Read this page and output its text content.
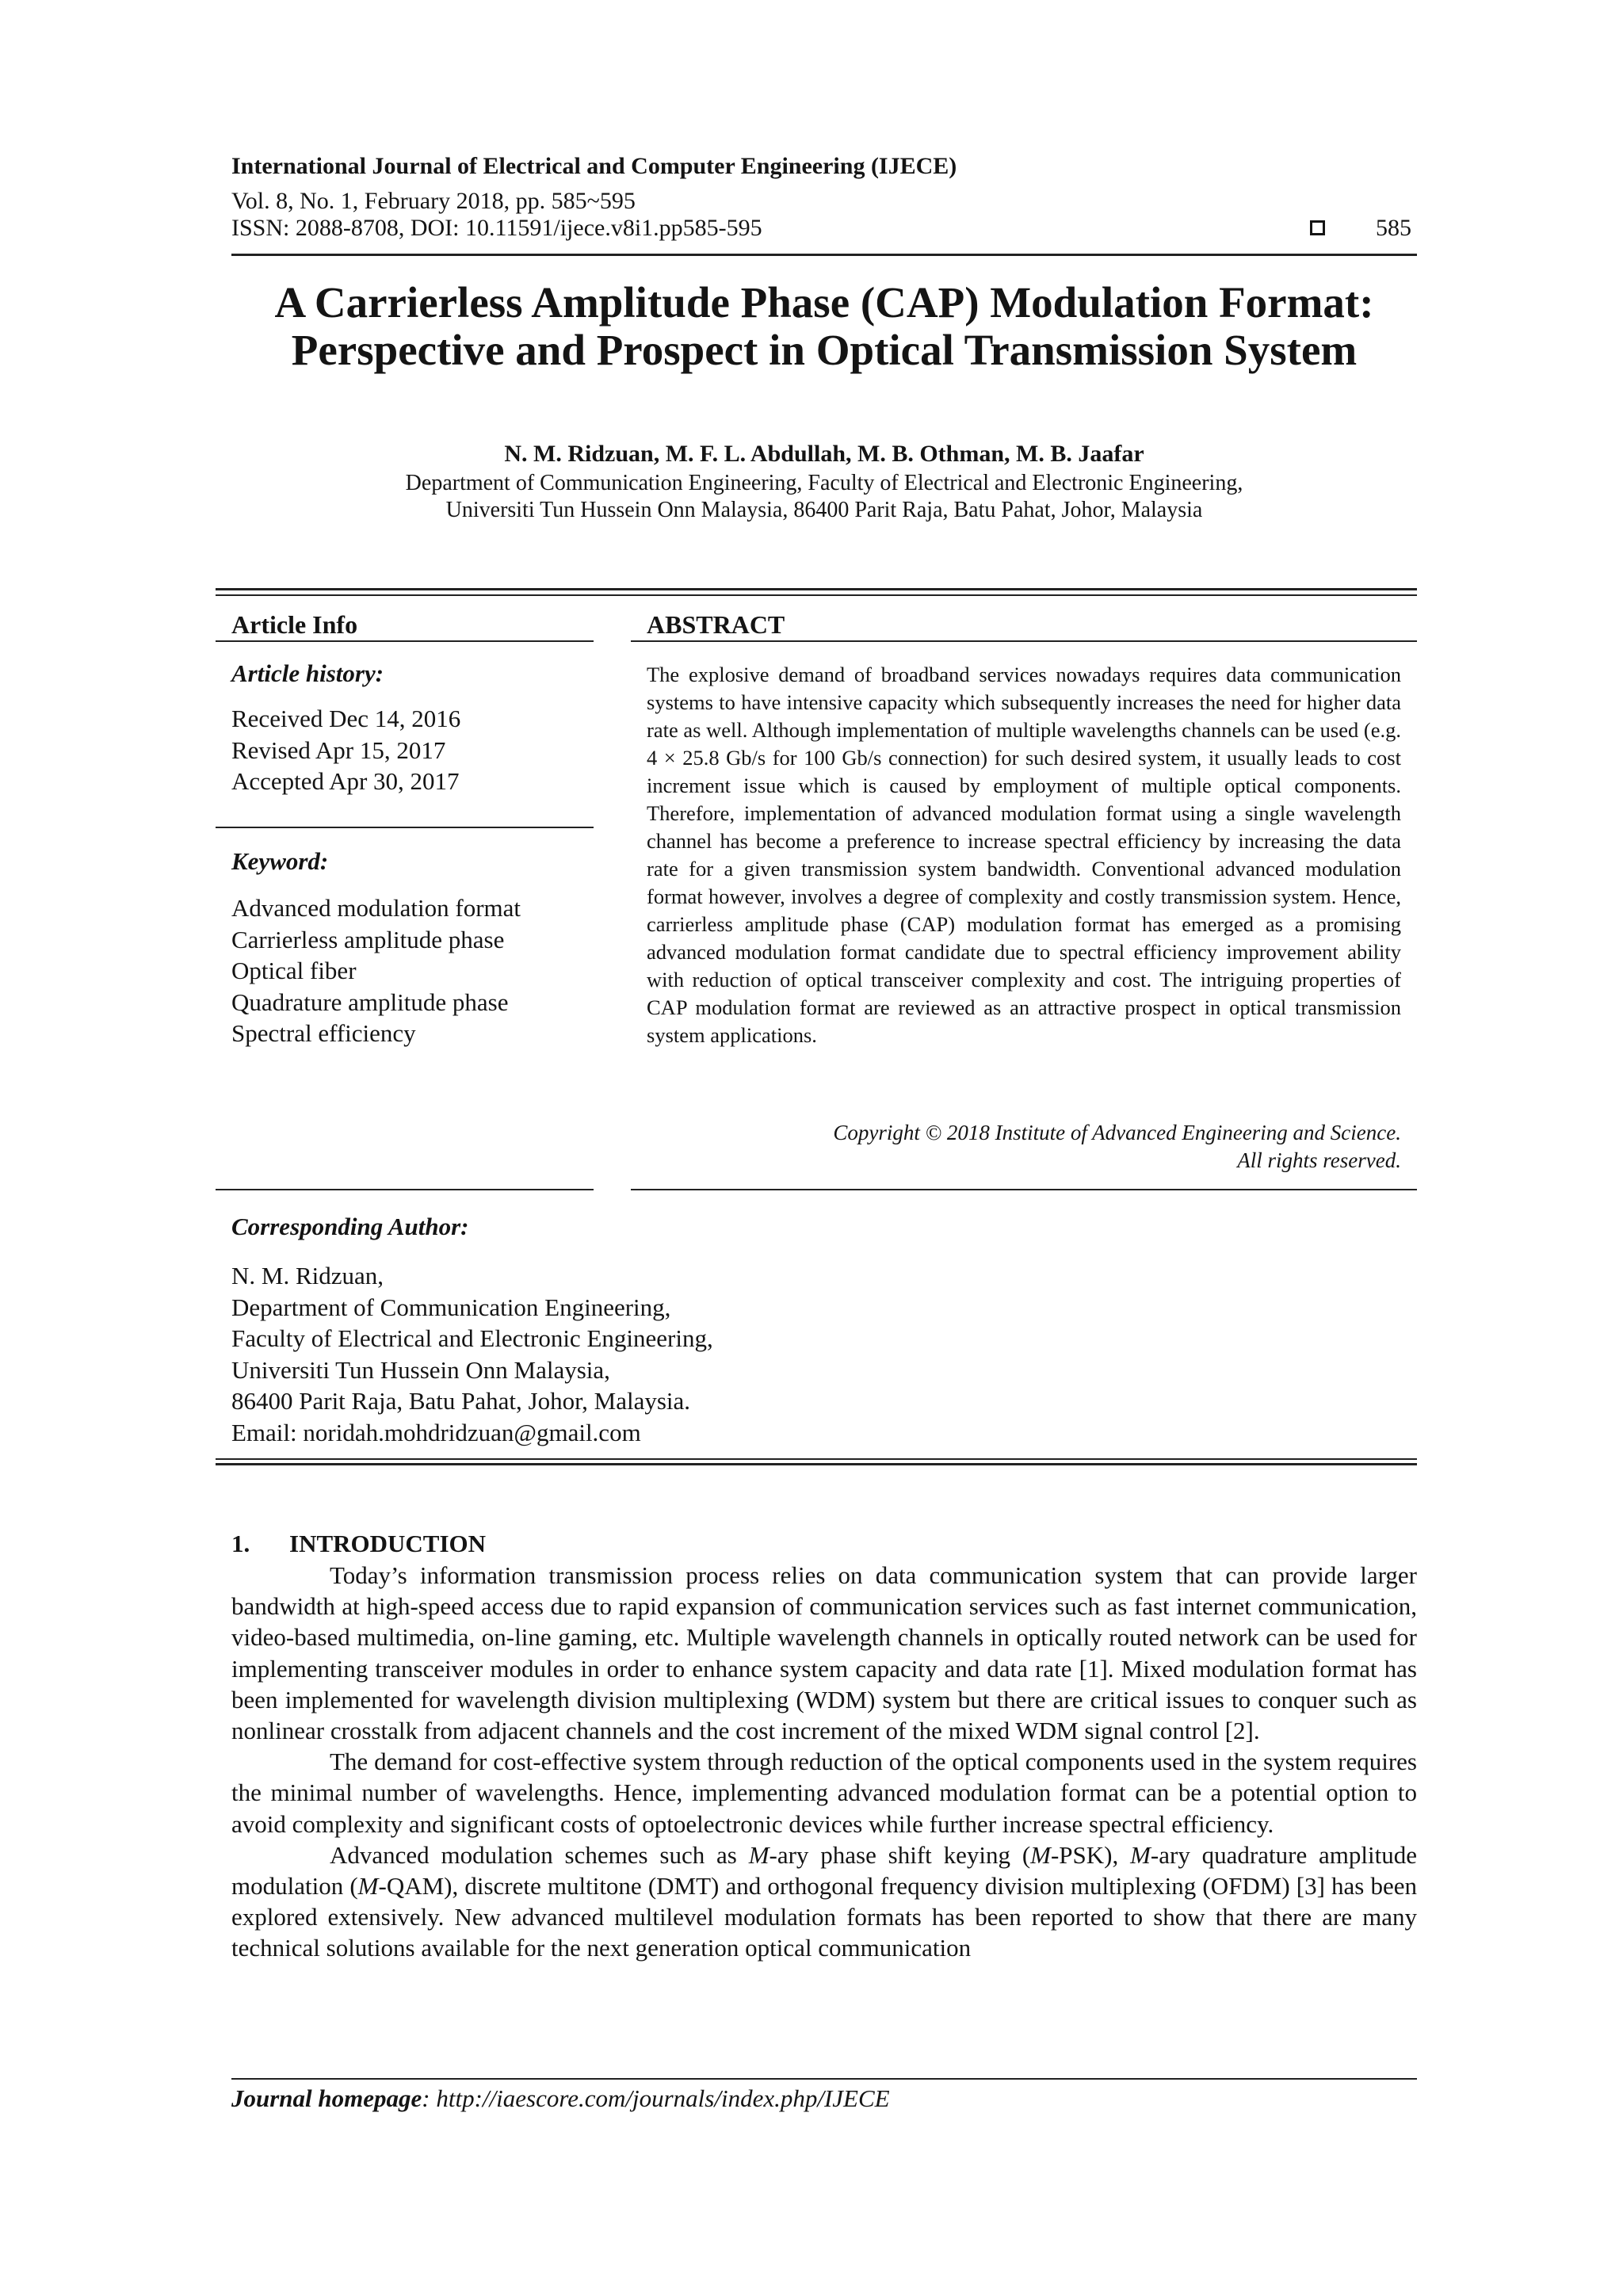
International Journal of Electrical and Computer Engineering (IJECE)
Vol. 8, No. 1, February 2018, pp. 585~595
ISSN: 2088-8708, DOI: 10.11591/ijece.v8i1.pp585-595	585
A Carrierless Amplitude Phase (CAP) Modulation Format:
Perspective and Prospect in Optical Transmission System
N. M. Ridzuan, M. F. L. Abdullah, M. B. Othman, M. B. Jaafar
Department of Communication Engineering, Faculty of Electrical and Electronic Engineering,
Universiti Tun Hussein Onn Malaysia, 86400 Parit Raja, Batu Pahat, Johor, Malaysia
Article Info
Article history:
Received Dec 14, 2016
Revised Apr 15, 2017
Accepted Apr 30, 2017
Keyword:
Advanced modulation format
Carrierless amplitude phase
Optical fiber
Quadrature amplitude phase
Spectral efficiency
ABSTRACT
The explosive demand of broadband services nowadays requires data communication systems to have intensive capacity which subsequently increases the need for higher data rate as well. Although implementation of multiple wavelengths channels can be used (e.g. 4 × 25.8 Gb/s for 100 Gb/s connection) for such desired system, it usually leads to cost increment issue which is caused by employment of multiple optical components. Therefore, implementation of advanced modulation format using a single wavelength channel has become a preference to increase spectral efficiency by increasing the data rate for a given transmission system bandwidth. Conventional advanced modulation format however, involves a degree of complexity and costly transmission system. Hence, carrierless amplitude phase (CAP) modulation format has emerged as a promising advanced modulation format candidate due to spectral efficiency improvement ability with reduction of optical transceiver complexity and cost. The intriguing properties of CAP modulation format are reviewed as an attractive prospect in optical transmission system applications.
Copyright © 2018 Institute of Advanced Engineering and Science.
All rights reserved.
Corresponding Author:
N. M. Ridzuan,
Department of Communication Engineering,
Faculty of Electrical and Electronic Engineering,
Universiti Tun Hussein Onn Malaysia,
86400 Parit Raja, Batu Pahat, Johor, Malaysia.
Email: noridah.mohdridzuan@gmail.com
1. INTRODUCTION

Today’s information transmission process relies on data communication system that can provide larger bandwidth at high-speed access due to rapid expansion of communication services such as fast internet communication, video-based multimedia, on-line gaming, etc. Multiple wavelength channels in optically routed network can be used for implementing transceiver modules in order to enhance system capacity and data rate [1]. Mixed modulation format has been implemented for wavelength division multiplexing (WDM) system but there are critical issues to conquer such as nonlinear crosstalk from adjacent channels and the cost increment of the mixed WDM signal control [2].

The demand for cost-effective system through reduction of the optical components used in the system requires the minimal number of wavelengths. Hence, implementing advanced modulation format can be a potential option to avoid complexity and significant costs of optoelectronic devices while further increase spectral efficiency.

Advanced modulation schemes such as M-ary phase shift keying (M-PSK), M-ary quadrature amplitude modulation (M-QAM), discrete multitone (DMT) and orthogonal frequency division multiplexing (OFDM) [3] has been explored extensively. New advanced multilevel modulation formats has been reported to show that there are many technical solutions available for the next generation optical communication

Journal homepage: http://iaescore.com/journals/index.php/IJECE
